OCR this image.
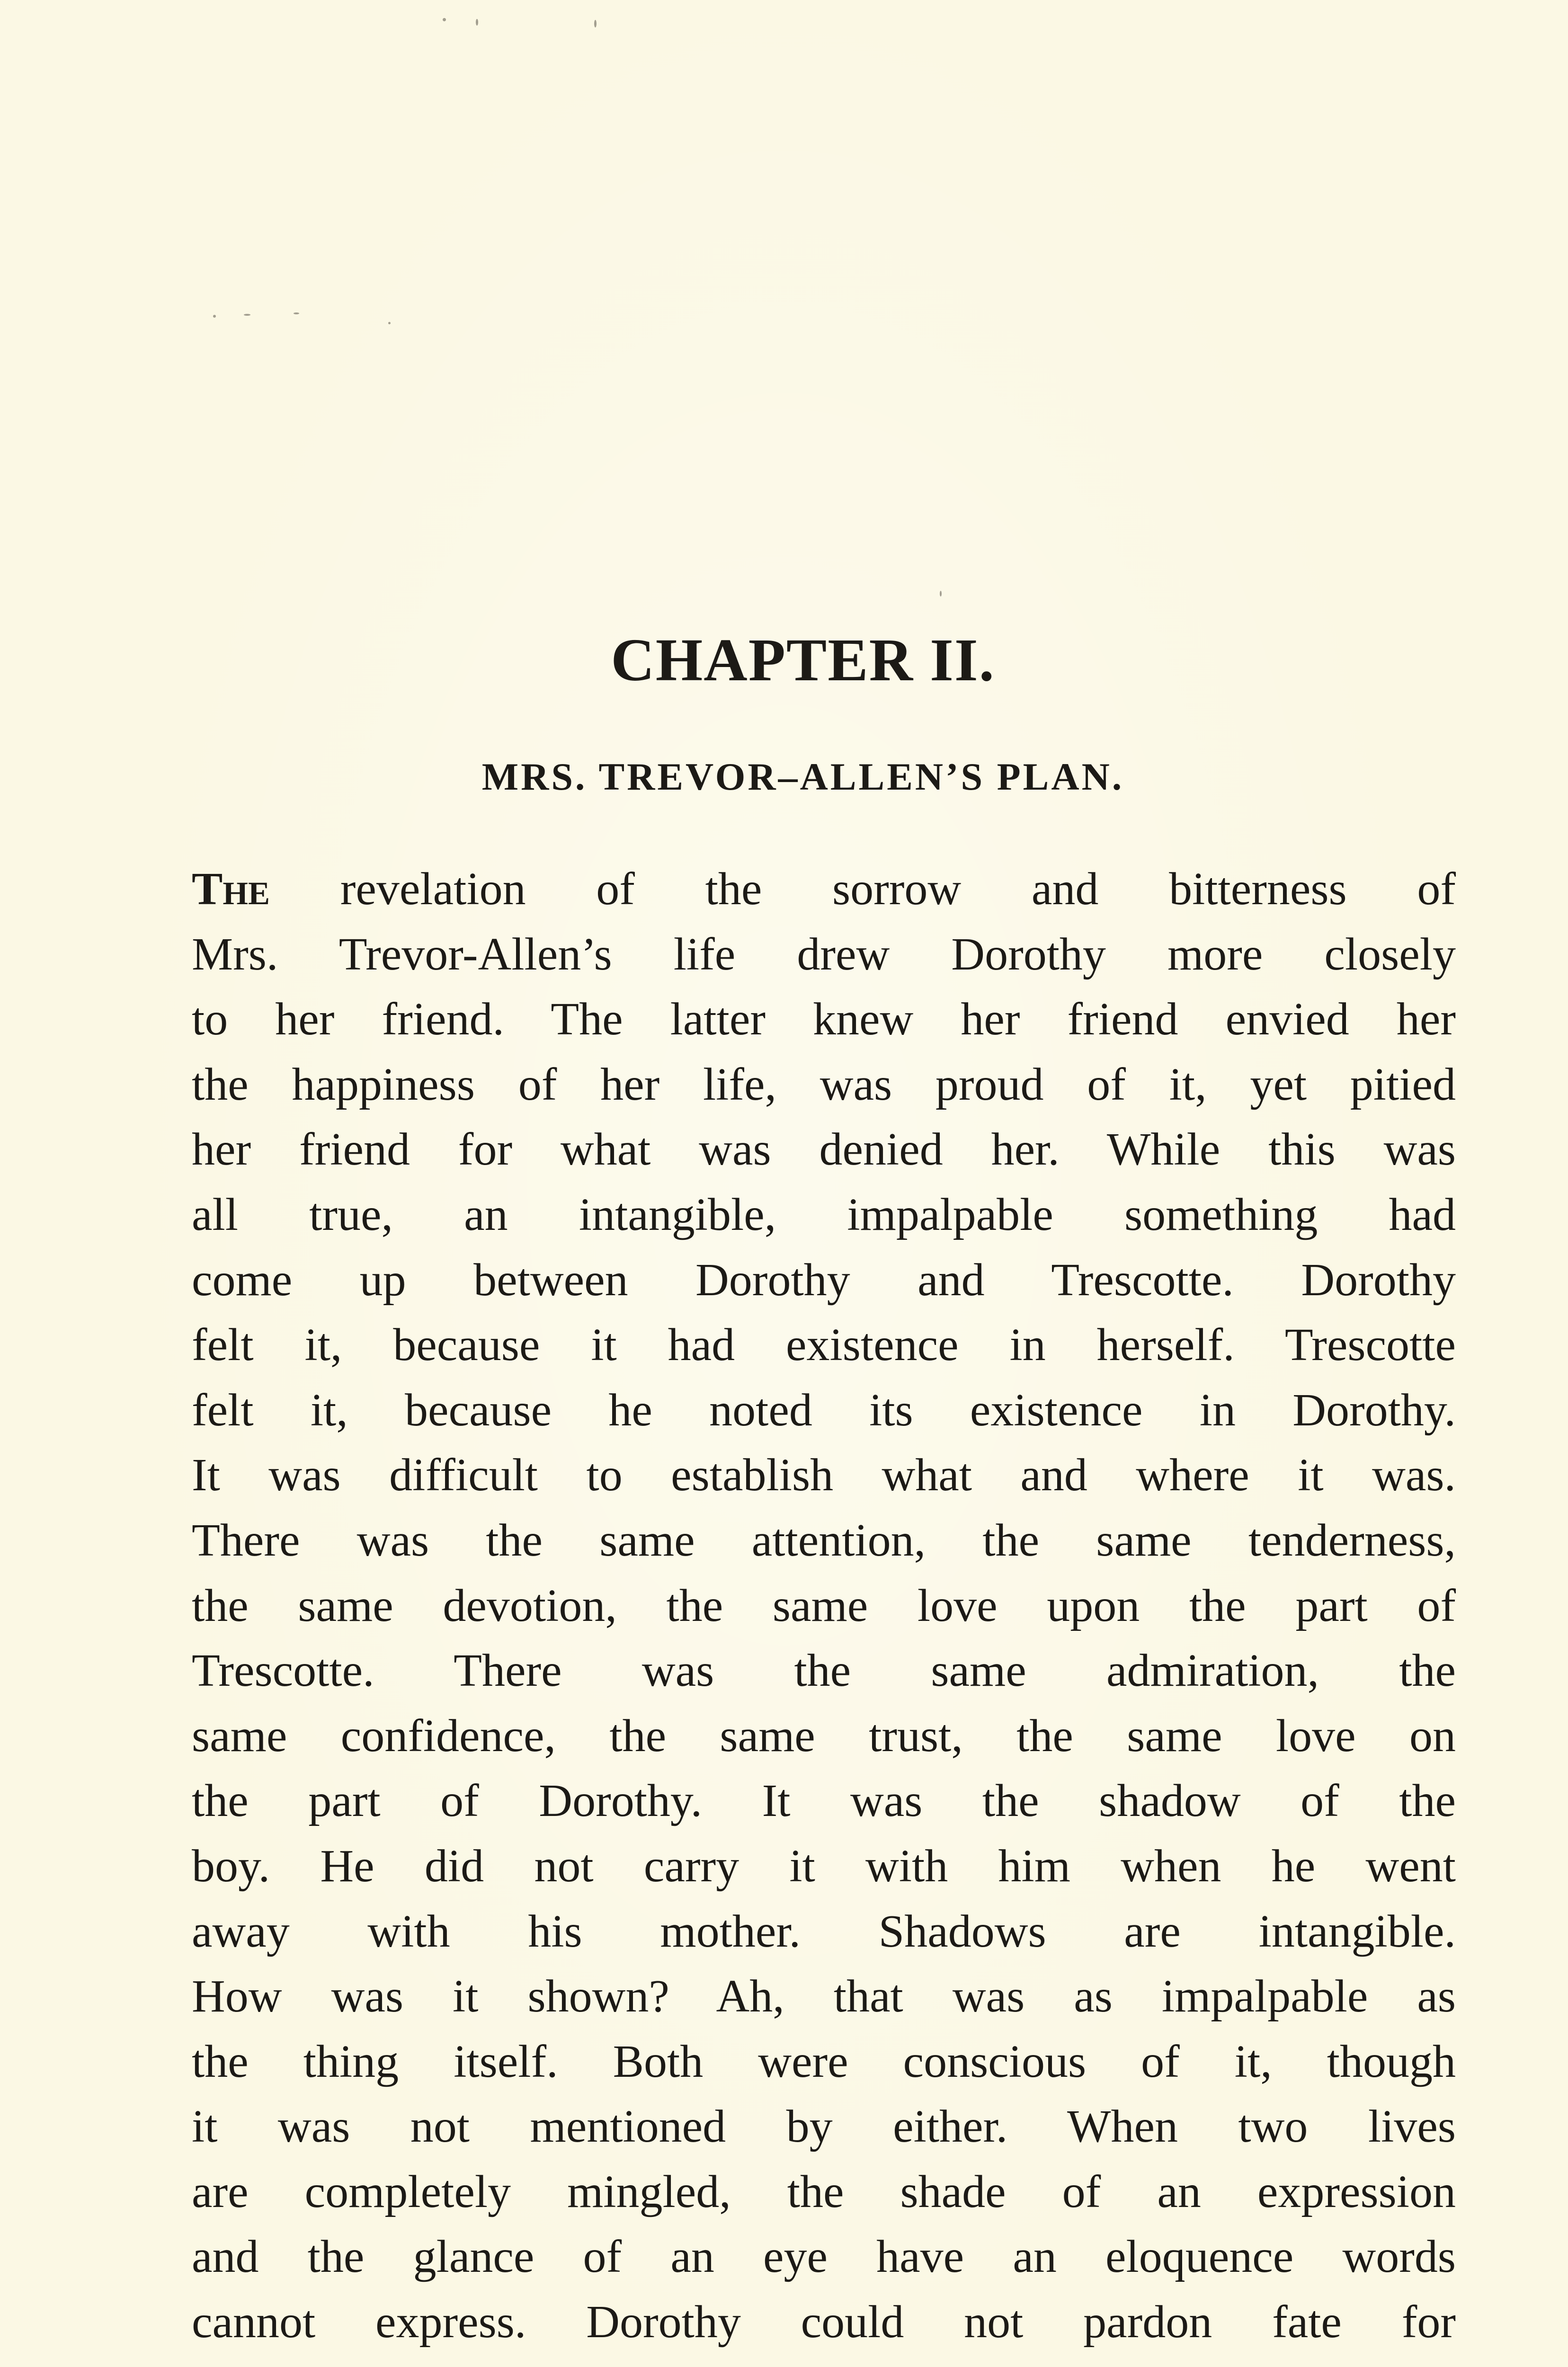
CHAPTER II.
MRS. TREVOR–ALLEN’S PLAN.
The revelation of the sorrow and bitterness of
Mrs. Trevor-Allen’s life drew Dorothy more closely
to her friend. The latter knew her friend envied her
the happiness of her life, was proud of it, yet pitied
her friend for what was denied her. While this was
all true, an intangible, impalpable something had
come up between Dorothy and Trescotte. Dorothy
felt it, because it had existence in herself. Trescotte
felt it, because he noted its existence in Dorothy.
It was difficult to establish what and where it was.
There was the same attention, the same tenderness,
the same devotion, the same love upon the part of
Trescotte. There was the same admiration, the
same confidence, the same trust, the same love on
the part of Dorothy. It was the shadow of the
boy. He did not carry it with him when he went
away with his mother. Shadows are intangible.
How was it shown? Ah, that was as impalpable as
the thing itself. Both were conscious of it, though
it was not mentioned by either. When two lives
are completely mingled, the shade of an expression
and the glance of an eye have an eloquence words
cannot express. Dorothy could not pardon fate for
